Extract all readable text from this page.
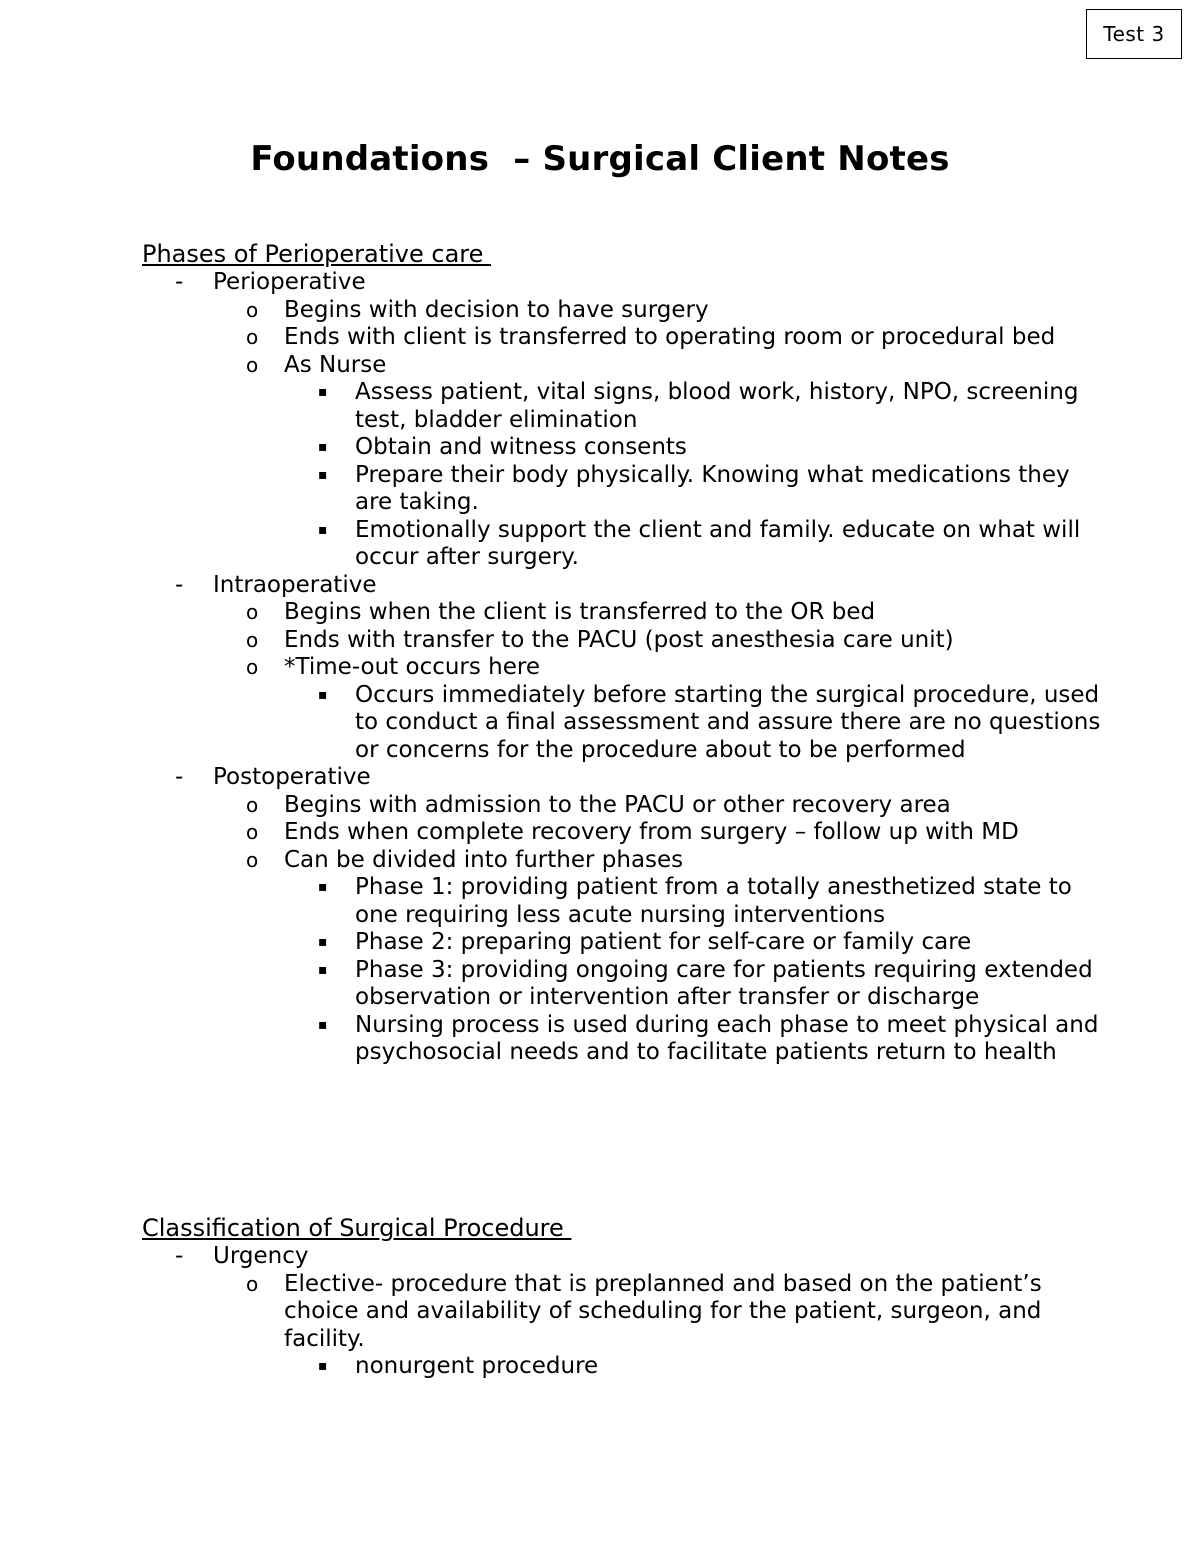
Test 3
Foundations  – Surgical Client Notes
Phases of Perioperative care
- Perioperative
o Begins with decision to have surgery
o Ends with client is transferred to operating room or procedural bed
o As Nurse
▪ Assess patient, vital signs, blood work, history, NPO, screening test, bladder elimination
▪ Obtain and witness consents
▪ Prepare their body physically. Knowing what medications they are taking.
▪ Emotionally support the client and family. educate on what will occur after surgery.
- Intraoperative
o Begins when the client is transferred to the OR bed
o Ends with transfer to the PACU (post anesthesia care unit)
o *Time-out occurs here
▪ Occurs immediately before starting the surgical procedure, used to conduct a final assessment and assure there are no questions or concerns for the procedure about to be performed
- Postoperative
o Begins with admission to the PACU or other recovery area
o Ends when complete recovery from surgery – follow up with MD
o Can be divided into further phases
▪ Phase 1: providing patient from a totally anesthetized state to one requiring less acute nursing interventions
▪ Phase 2: preparing patient for self-care or family care
▪ Phase 3: providing ongoing care for patients requiring extended observation or intervention after transfer or discharge
▪ Nursing process is used during each phase to meet physical and psychosocial needs and to facilitate patients return to health
Classification of Surgical Procedure
- Urgency
o Elective- procedure that is preplanned and based on the patient’s choice and availability of scheduling for the patient, surgeon, and facility.
▪ nonurgent procedure
